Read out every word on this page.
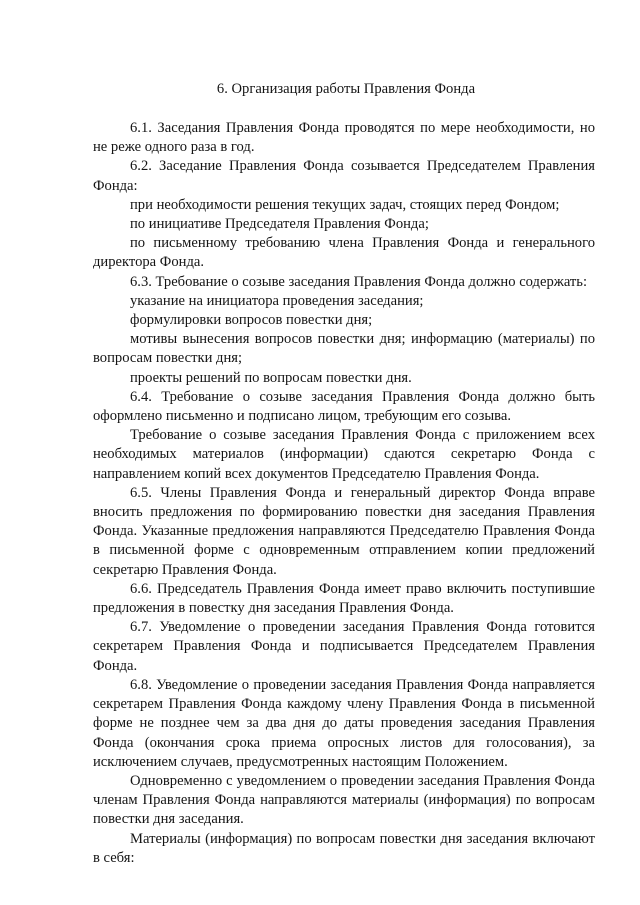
6. Организация работы Правления Фонда

6.1. Заседания Правления Фонда проводятся по мере необходимости, но не реже одного раза в год.

6.2. Заседание Правления Фонда созывается Председателем Правления Фонда:

при необходимости решения текущих задач, стоящих перед Фондом;

по инициативе Председателя Правления Фонда;

по письменному требованию члена Правления Фонда и генерального директора Фонда.

6.3. Требование о созыве заседания Правления Фонда должно содержать:

указание на инициатора проведения заседания;

формулировки вопросов повестки дня;

мотивы вынесения вопросов повестки дня; информацию (материалы) по вопросам повестки дня;

проекты решений по вопросам повестки дня.

6.4. Требование о созыве заседания Правления Фонда должно быть оформлено письменно и подписано лицом, требующим его созыва.

Требование о созыве заседания Правления Фонда с приложением всех необходимых материалов (информации) сдаются секретарю Фонда с направлением копий всех документов Председателю Правления Фонда.

6.5. Члены Правления Фонда и генеральный директор Фонда вправе вносить предложения по формированию повестки дня заседания Правления Фонда. Указанные предложения направляются Председателю Правления Фонда в письменной форме с одновременным отправлением копии предложений секретарю Правления Фонда.

6.6. Председатель Правления Фонда имеет право включить поступившие предложения в повестку дня заседания Правления Фонда.

6.7. Уведомление о проведении заседания Правления Фонда готовится секретарем Правления Фонда и подписывается Председателем Правления Фонда.

6.8. Уведомление о проведении заседания Правления Фонда направляется секретарем Правления Фонда каждому члену Правления Фонда в письменной форме не позднее чем за два дня до даты проведения заседания Правления Фонда (окончания срока приема опросных листов для голосования), за исключением случаев, предусмотренных настоящим Положением.

Одновременно с уведомлением о проведении заседания Правления Фонда членам Правления Фонда направляются материалы (информация) по вопросам повестки дня заседания.

Материалы (информация) по вопросам повестки дня заседания включают в себя:
